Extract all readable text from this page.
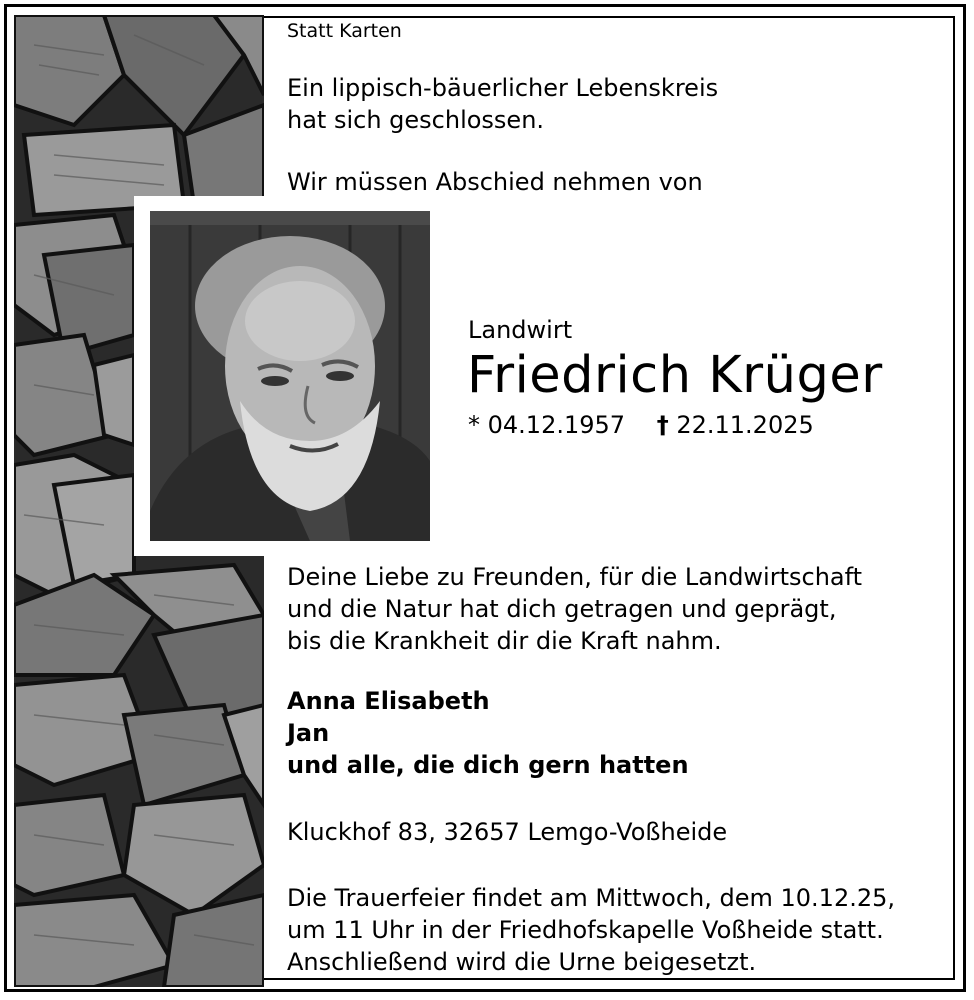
Statt Karten

Ein lippisch-bäuerlicher Lebenskreis
hat sich geschlossen.

Wir müssen Abschied nehmen von

Landwirt

Friedrich Krüger

* 04.12.1957 † 22.11.2025

Deine Liebe zu Freunden, für die Landwirtschaft
und die Natur hat dich getragen und geprägt,
bis die Krankheit dir die Kraft nahm.

Anna Elisabeth
Jan
und alle, die dich gern hatten

Kluckhof 83, 32657 Lemgo-Voßheide

Die Trauerfeier findet am Mittwoch, dem 10.12.25,
um 11 Uhr in der Friedhofskapelle Voßheide statt.
Anschließend wird die Urne beigesetzt.
